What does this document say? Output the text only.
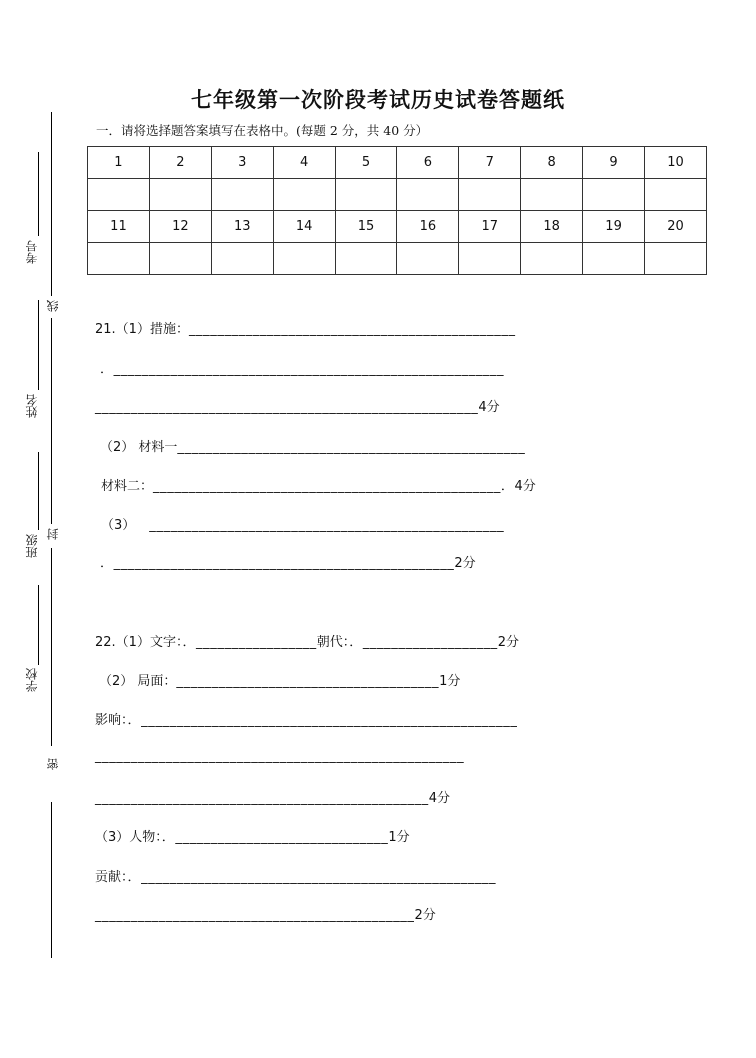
线
封
密
考号
姓名
班级
学校
七年级第一次阶段考试历史试卷答题纸
一．请将选择题答案填写在表格中。(每题 2 分，共 40 分）
1	2	3	4	5	6	7	8	9	10

11	12	13	14	15	16	17	18	19	20

21.（1）措施：______________________________________________
．_______________________________________________________
______________________________________________________4分
（2） 材料一_________________________________________________
材料二：_________________________________________________．4分
（3） __________________________________________________
．________________________________________________2分
22.（1）文字：．_________________朝代：．___________________2分
（2） 局面：_____________________________________1分
影响：．_____________________________________________________
____________________________________________________
_______________________________________________4分
（3）人物：．______________________________1分
贡献：．__________________________________________________
_____________________________________________2分
